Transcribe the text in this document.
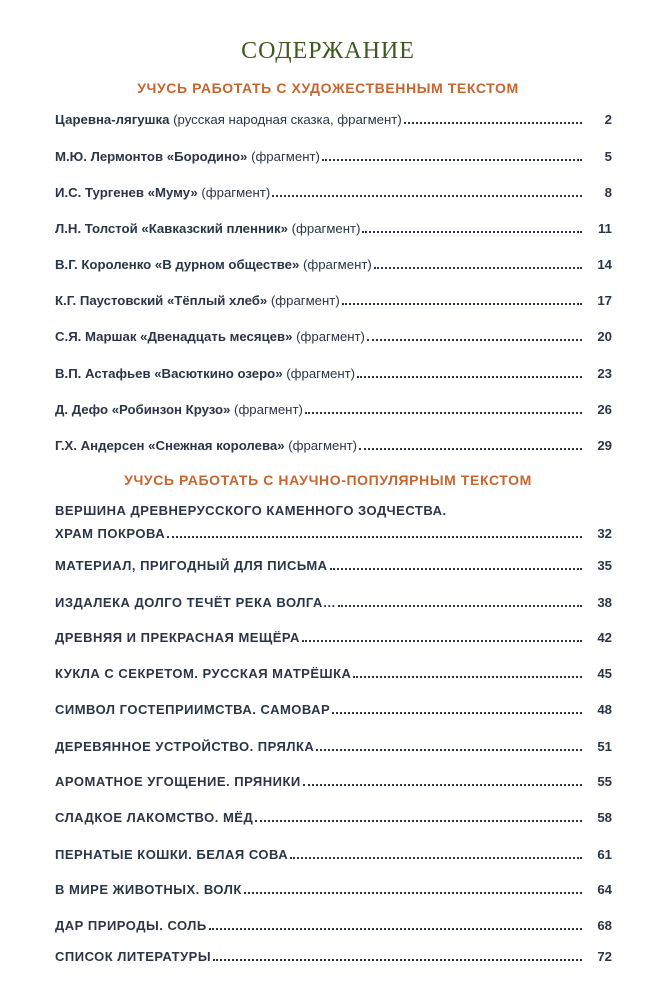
СОДЕРЖАНИЕ
УЧУСЬ РАБОТАТЬ С ХУДОЖЕСТВЕННЫМ ТЕКСТОМ
Царевна-лягушка (русская народная сказка, фрагмент)	2
М.Ю. Лермонтов «Бородино» (фрагмент)	5
И.С. Тургенев «Муму» (фрагмент)	8
Л.Н. Толстой «Кавказский пленник» (фрагмент)	11
В.Г. Короленко «В дурном обществе» (фрагмент)	14
К.Г. Паустовский «Тёплый хлеб» (фрагмент)	17
С.Я. Маршак «Двенадцать месяцев» (фрагмент)	20
В.П. Астафьев «Васюткино озеро» (фрагмент)	23
Д. Дефо «Робинзон Крузо» (фрагмент)	26
Г.Х. Андерсен «Снежная королева» (фрагмент)	29
УЧУСЬ РАБОТАТЬ С НАУЧНО-ПОПУЛЯРНЫМ ТЕКСТОМ
ВЕРШИНА ДРЕВНЕРУССКОГО КАМЕННОГО ЗОДЧЕСТВА.
ХРАМ ПОКРОВА	32
МАТЕРИАЛ, ПРИГОДНЫЙ ДЛЯ ПИСЬМА	35
ИЗДАЛЕКА ДОЛГО ТЕЧЁТ РЕКА ВОЛГА…	38
ДРЕВНЯЯ И ПРЕКРАСНАЯ МЕЩЁРА	42
КУКЛА С СЕКРЕТОМ. РУССКАЯ МАТРЁШКА	45
СИМВОЛ ГОСТЕПРИИМСТВА. САМОВАР	48
ДЕРЕВЯННОЕ УСТРОЙСТВО. ПРЯЛКА	51
АРОМАТНОЕ УГОЩЕНИЕ. ПРЯНИКИ	55
СЛАДКОЕ ЛАКОМСТВО. МЁД	58
ПЕРНАТЫЕ КОШКИ. БЕЛАЯ СОВА	61
В МИРЕ ЖИВОТНЫХ. ВОЛК	64
ДАР ПРИРОДЫ. СОЛЬ	68
СПИСОК ЛИТЕРАТУРЫ	72
